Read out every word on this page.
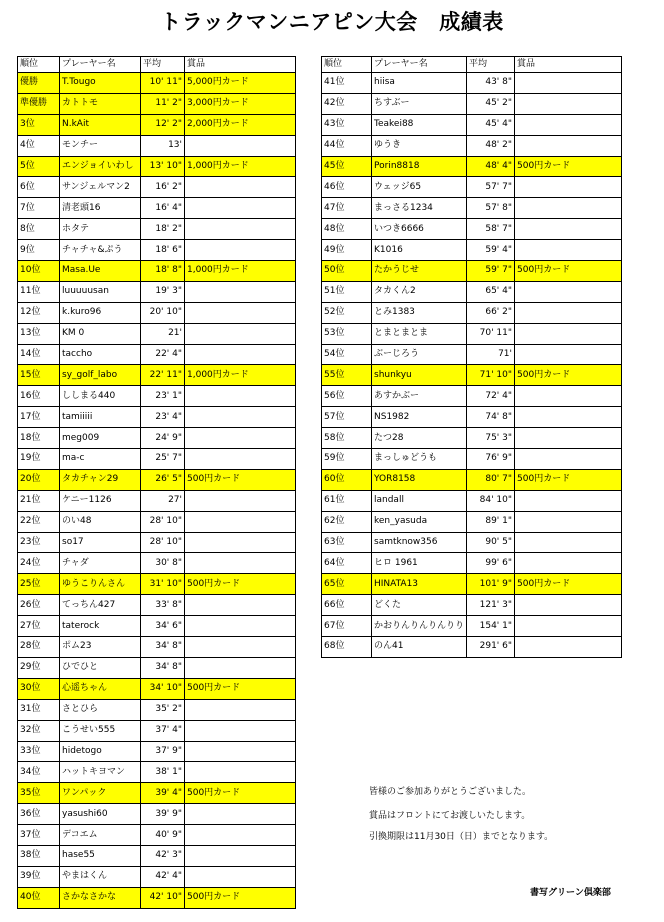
トラックマンニアピン大会　成績表
順位	プレーヤー名	平均	賞品
優勝	T.Tougo	10' 11"	5,000円カード
準優勝	カトトモ	11' 2"	3,000円カード
3位	N.kAit	12' 2"	2,000円カード
4位	モンチー	13'	
5位	エンジョイいわし	13' 10"	1,000円カード
6位	サンジェルマン2	16' 2"	
7位	清老頭16	16' 4"	
8位	ホタテ	18' 2"	
9位	チャチャ&ぷう	18' 6"	
10位	Masa.Ue	18' 8"	1,000円カード
11位	luuuuusan	19' 3"	
12位	k.kuro96	20' 10"	
13位	KM 0	21'	
14位	taccho	22' 4"	
15位	sy_golf_labo	22' 11"	1,000円カード
16位	ししまる440	23' 1"	
17位	tamiiiii	23' 4"	
18位	meg009	24' 9"	
19位	ma-c	25' 7"	
20位	タカチャン29	26' 5"	500円カード
21位	ケニー1126	27'	
22位	のい48	28' 10"	
23位	so17	28' 10"	
24位	チャダ	30' 8"	
25位	ゆうこりんさん	31' 10"	500円カード
26位	てっちん427	33' 8"	
27位	taterock	34' 6"	
28位	ポム23	34' 8"	
29位	ひでひと	34' 8"	
30位	心遥ちゃん	34' 10"	500円カード
31位	さとひら	35' 2"	
32位	こうせい555	37' 4"	
33位	hidetogo	37' 9"	
34位	ハットキヨマン	38' 1"	
35位	ワンパック	39' 4"	500円カード
36位	yasushi60	39' 9"	
37位	デコエム	40' 9"	
38位	hase55	42' 3"	
39位	やまはくん	42' 4"	
40位	さかなさかな	42' 10"	500円カード
順位	プレーヤー名	平均	賞品
41位	hiisa	43' 8"	
42位	ちすぶー	45' 2"	
43位	Teakei88	45' 4"	
44位	ゆうき	48' 2"	
45位	Porin8818	48' 4"	500円カード
46位	ウェッジ65	57' 7"	
47位	まっさる1234	57' 8"	
48位	いつき6666	58' 7"	
49位	K1016	59' 4"	
50位	たかうじせ	59' 7"	500円カード
51位	タカくん2	65' 4"	
52位	とみ1383	66' 2"	
53位	とまとまとま	70' 11"	
54位	ぶーじろう	71'	
55位	shunkyu	71' 10"	500円カード
56位	あすかぶー	72' 4"	
57位	NS1982	74' 8"	
58位	たつ28	75' 3"	
59位	まっしゅどうも	76' 9"	
60位	YOR8158	80' 7"	500円カード
61位	landall	84' 10"	
62位	ken_yasuda	89' 1"	
63位	samtknow356	90' 5"	
64位	ヒロ 1961	99' 6"	
65位	HINATA13	101' 9"	500円カード
66位	どくた	121' 3"	
67位	かおりんりんりんりり	154' 1"	
68位	のん41	291' 6"	
皆様のご参加ありがとうございました。
賞品はフロントにてお渡しいたします。
引換期限は11月30日（日）までとなります。
書写グリーン倶楽部
